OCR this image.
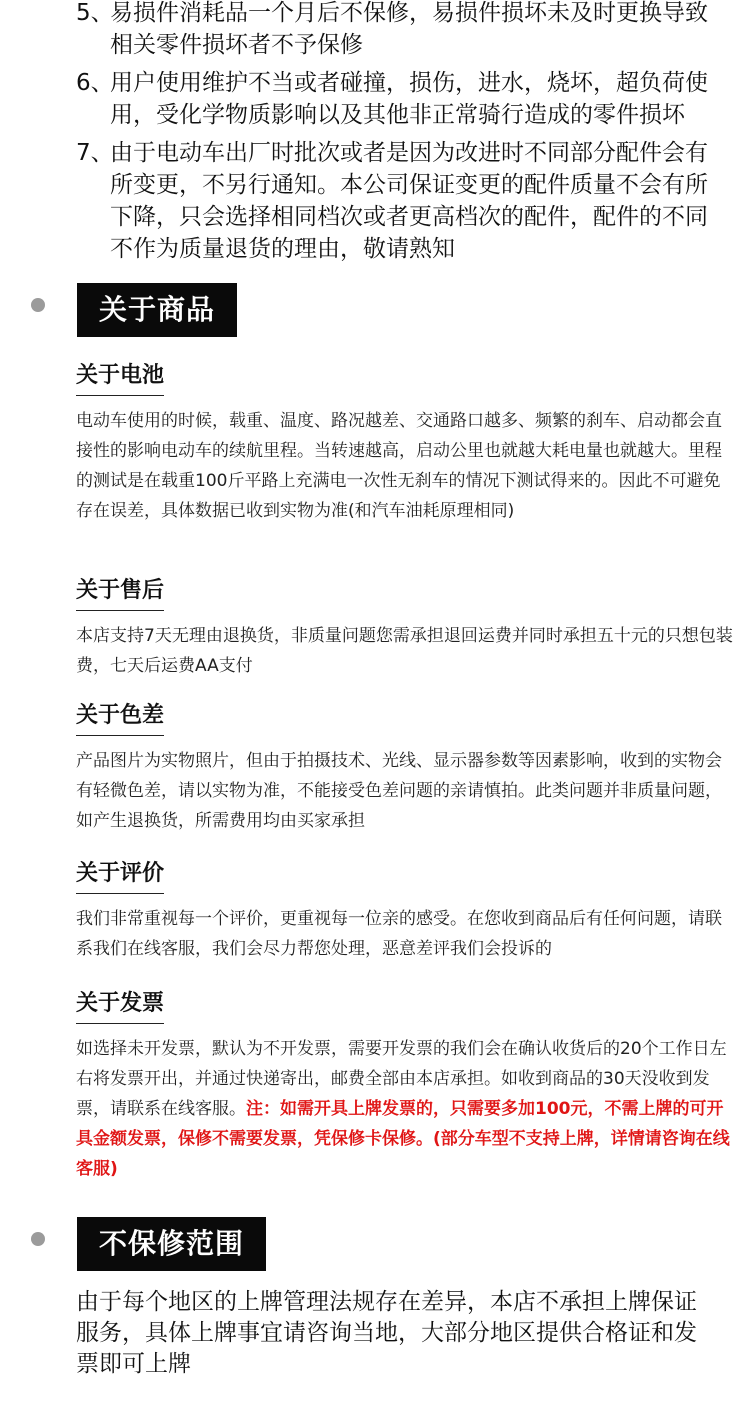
5、
易损件消耗品一个月后不保修，易损件损坏未及时更换导致相关零件损坏者不予保修
6、
用户使用维护不当或者碰撞，损伤，进水，烧坏，超负荷使用，受化学物质影响以及其他非正常骑行造成的零件损坏
7、
由于电动车出厂时批次或者是因为改进时不同部分配件会有所变更，不另行通知。本公司保证变更的配件质量不会有所下降，只会选择相同档次或者更高档次的配件，配件的不同不作为质量退货的理由，敬请熟知
关于商品
关于电池
电动车使用的时候，载重、温度、路况越差、交通路口越多、频繁的刹车、启动都会直接性的影响电动车的续航里程。当转速越高，启动公里也就越大耗电量也就越大。里程的测试是在载重100斤平路上充满电一次性无刹车的情况下测试得来的。因此不可避免存在误差，具体数据已收到实物为准(和汽车油耗原理相同)
关于售后
本店支持7天无理由退换货，非质量问题您需承担退回运费并同时承担五十元的只想包装费，七天后运费AA支付
关于色差
产品图片为实物照片，但由于拍摄技术、光线、显示器参数等因素影响，收到的实物会有轻微色差，请以实物为准，不能接受色差问题的亲请慎拍。此类问题并非质量问题，如产生退换货，所需费用均由买家承担
关于评价
我们非常重视每一个评价，更重视每一位亲的感受。在您收到商品后有任何问题，请联系我们在线客服，我们会尽力帮您处理，恶意差评我们会投诉的
关于发票
如选择未开发票，默认为不开发票，需要开发票的我们会在确认收货后的20个工作日左右将发票开出，并通过快递寄出，邮费全部由本店承担。如收到商品的30天没收到发票，请联系在线客服。注：如需开具上牌发票的，只需要多加100元，不需上牌的可开具金额发票，保修不需要发票，凭保修卡保修。(部分车型不支持上牌，详情请咨询在线客服)
不保修范围
由于每个地区的上牌管理法规存在差异，本店不承担上牌保证服务，具体上牌事宜请咨询当地，大部分地区提供合格证和发票即可上牌
